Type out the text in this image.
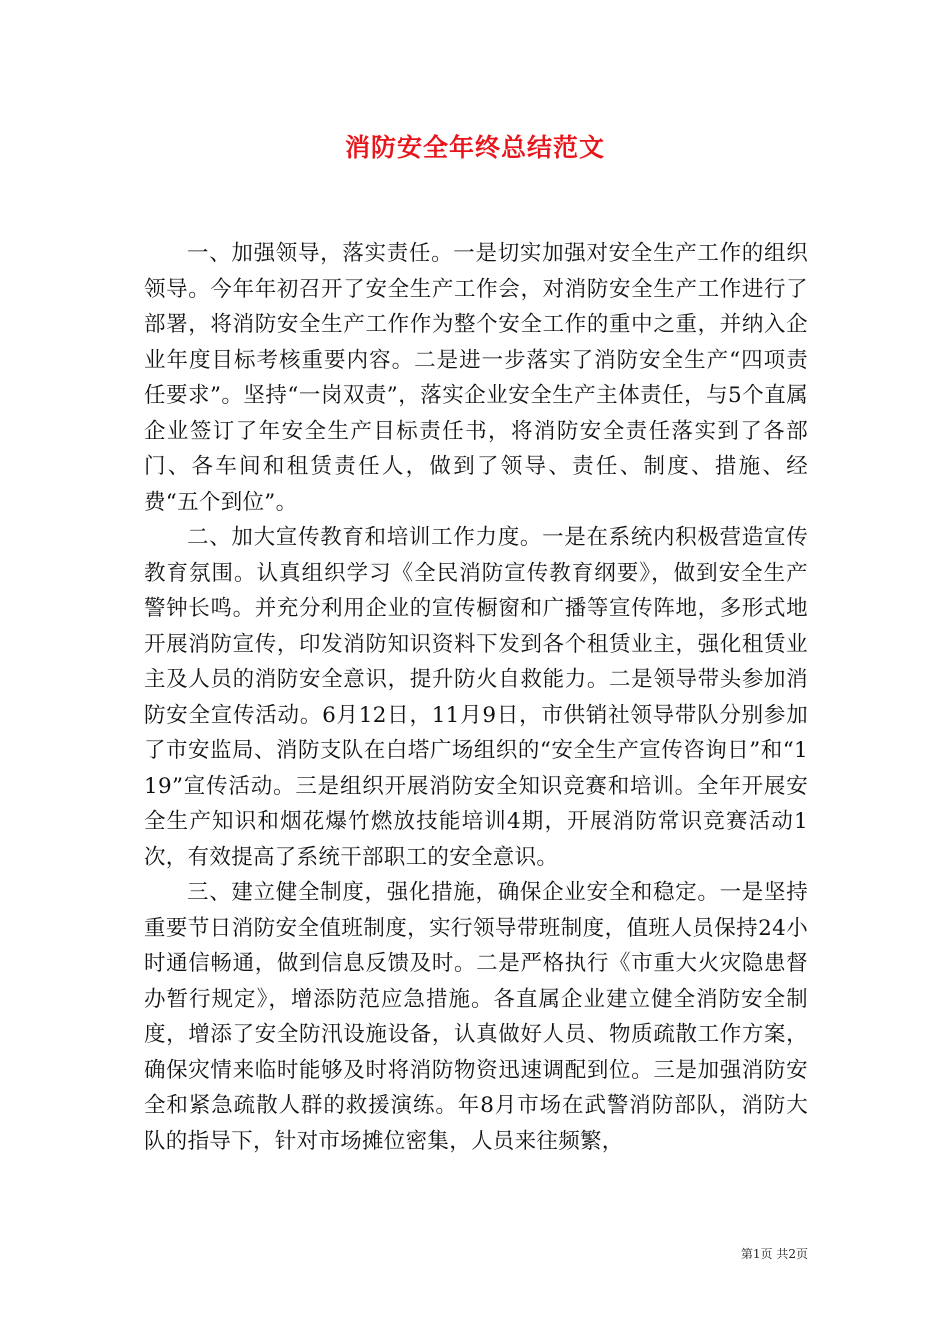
消防安全年终总结范文

一、加强领导，落实责任。一是切实加强对安全生产工作的组织领导。今年年初召开了安全生产工作会，对消防安全生产工作进行了部署，将消防安全生产工作作为整个安全工作的重中之重，并纳入企业年度目标考核重要内容。二是进一步落实了消防安全生产“四项责任要求”。坚持“一岗双责”，落实企业安全生产主体责任，与5个直属企业签订了年安全生产目标责任书，将消防安全责任落实到了各部门、各车间和租赁责任人，做到了领导、责任、制度、措施、经费“五个到位”。

二、加大宣传教育和培训工作力度。一是在系统内积极营造宣传教育氛围。认真组织学习《全民消防宣传教育纲要》，做到安全生产警钟长鸣。并充分利用企业的宣传橱窗和广播等宣传阵地，多形式地开展消防宣传，印发消防知识资料下发到各个租赁业主，强化租赁业主及人员的消防安全意识，提升防火自救能力。二是领导带头参加消防安全宣传活动。6月12日，11月9日，市供销社领导带队分别参加了市安监局、消防支队在白塔广场组织的“安全生产宣传咨询日”和“119”宣传活动。三是组织开展消防安全知识竞赛和培训。全年开展安全生产知识和烟花爆竹燃放技能培训4期，开展消防常识竞赛活动1次，有效提高了系统干部职工的安全意识。

三、建立健全制度，强化措施，确保企业安全和稳定。一是坚持重要节日消防安全值班制度，实行领导带班制度，值班人员保持24小时通信畅通，做到信息反馈及时。二是严格执行《市重大火灾隐患督办暂行规定》，增添防范应急措施。各直属企业建立健全消防安全制度，增添了安全防汛设施设备，认真做好人员、物质疏散工作方案，确保灾情来临时能够及时将消防物资迅速调配到位。三是加强消防安全和紧急疏散人群的救援演练。年8月市场在武警消防部队，消防大队的指导下，针对市场摊位密集，人员来往频繁，

第1页 共2页
